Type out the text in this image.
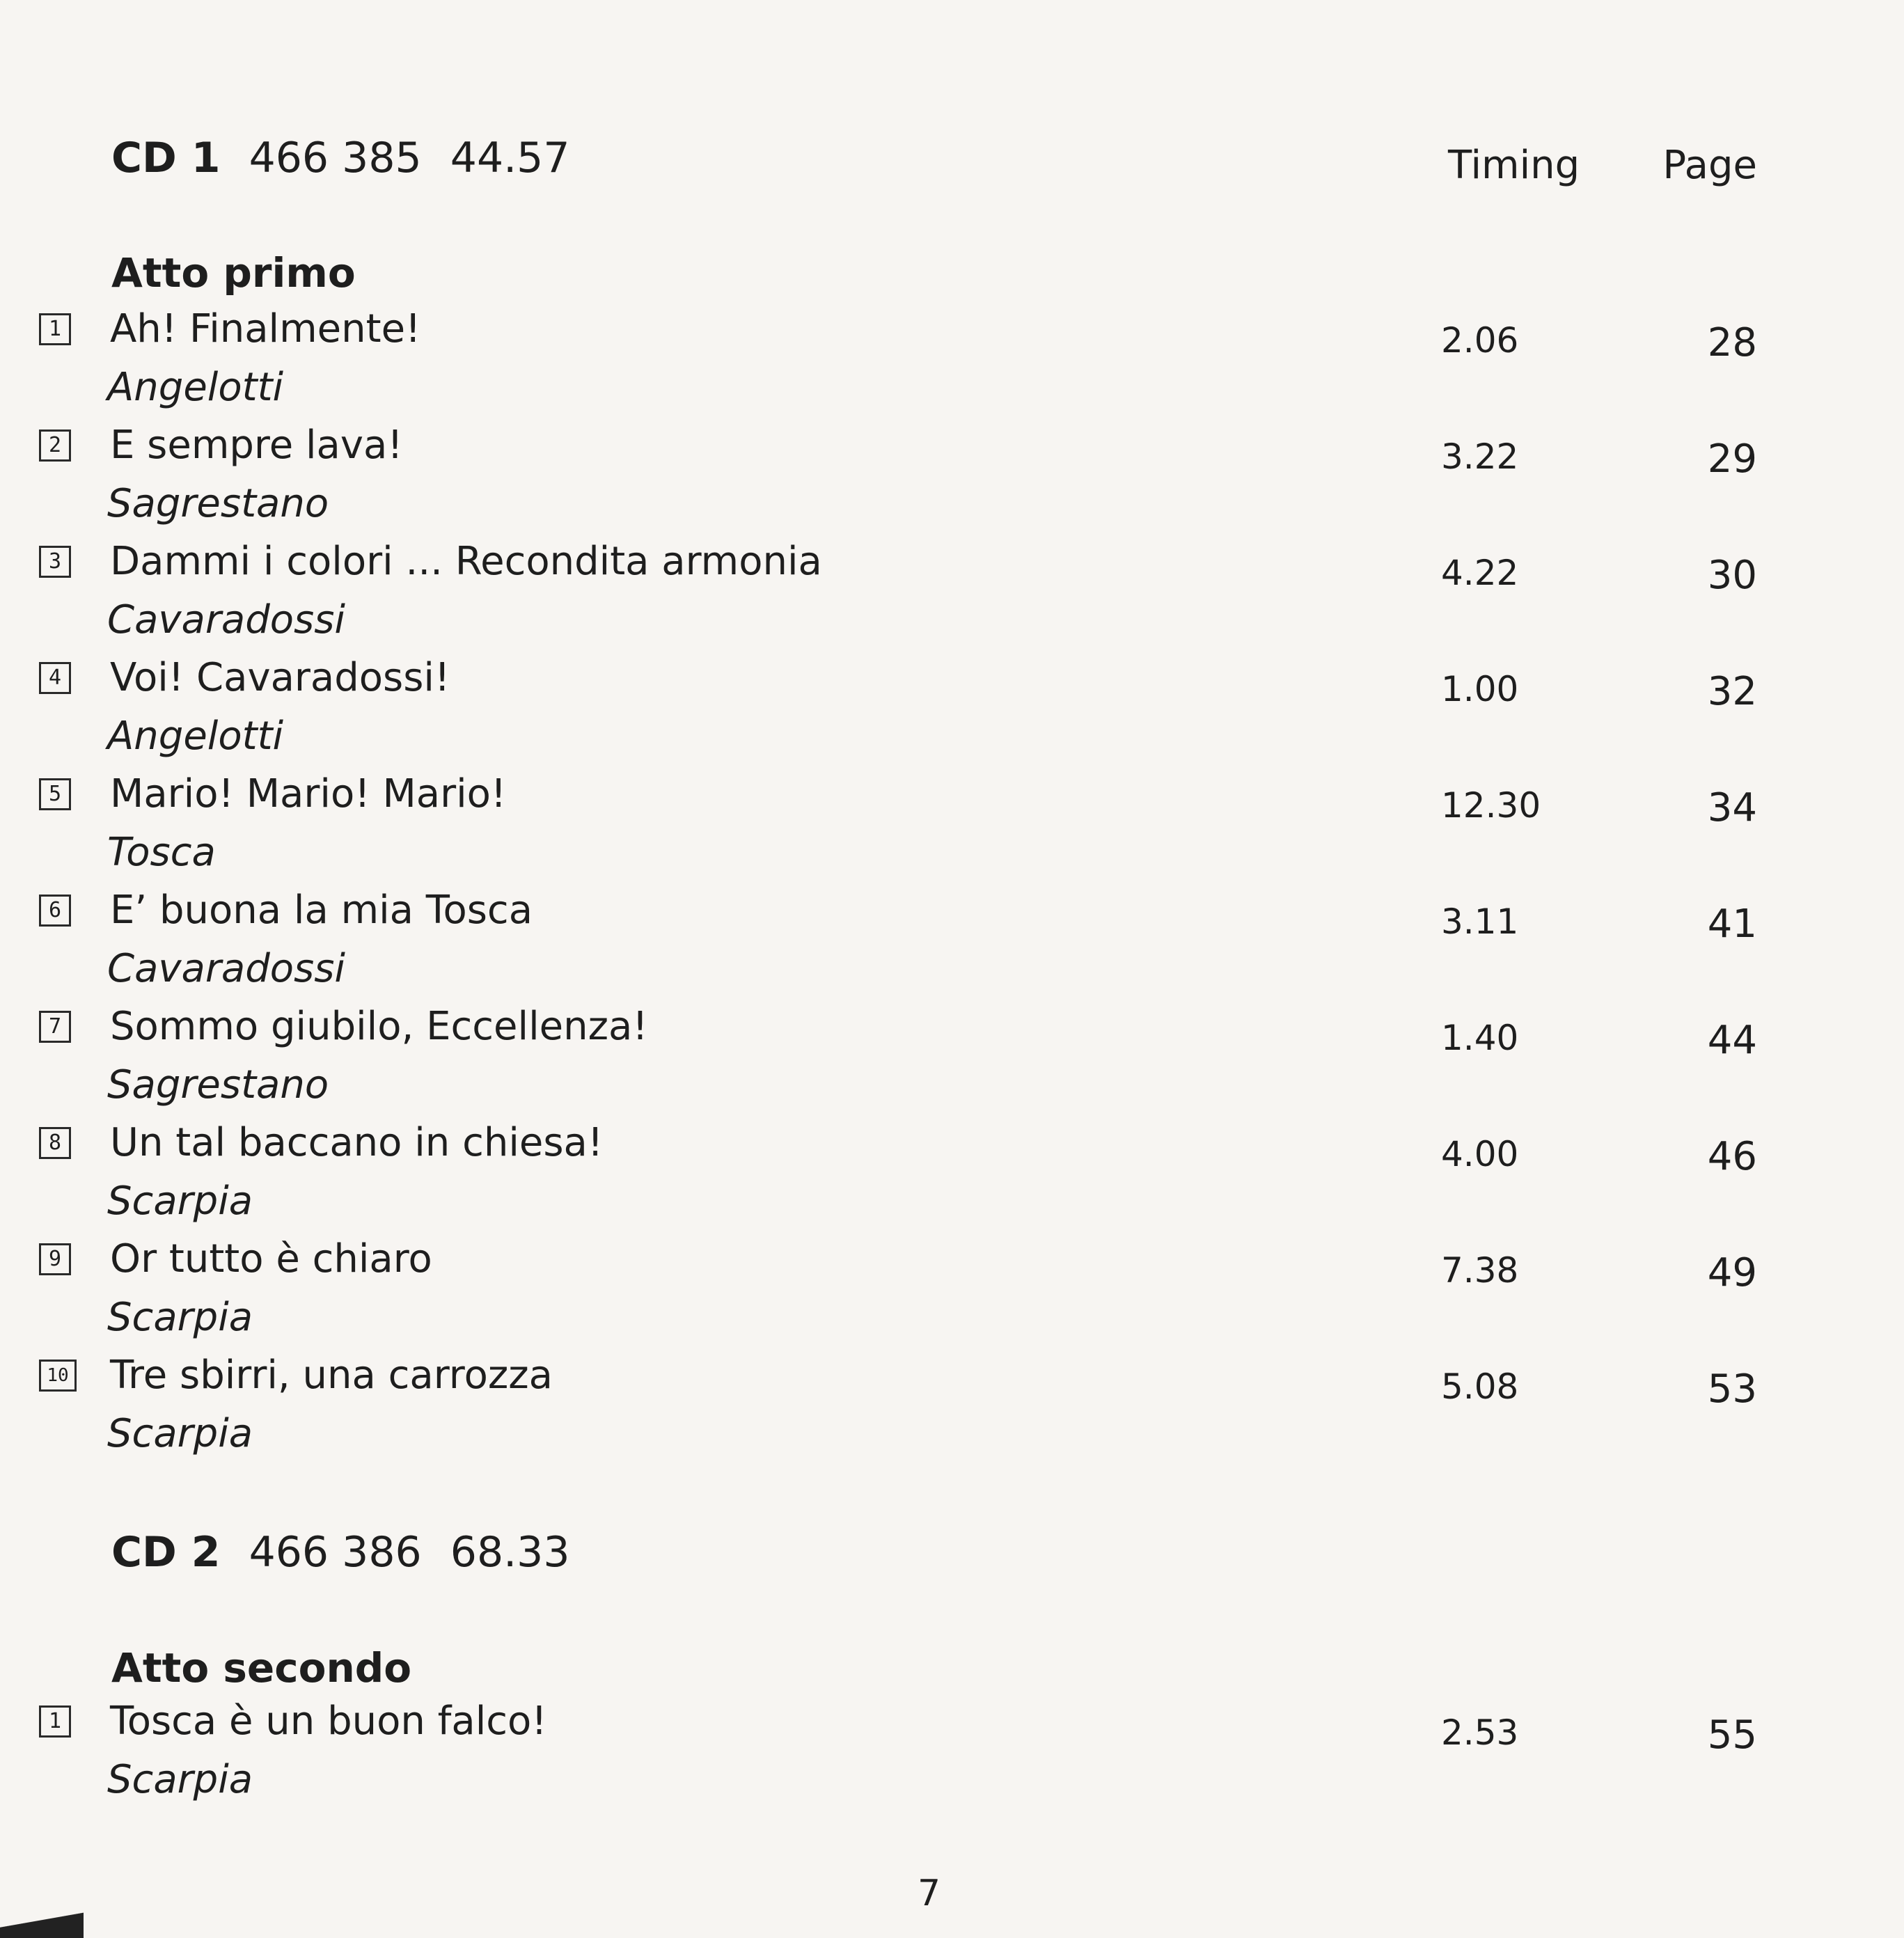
CD 1 466 385 44.57	Timing Page
Atto primo
1 Ah! Finalmente!
Angelotti
2.06	28
2 E sempre lava!
Sagrestano
3.22	29
3 Dammi i colori ... Recondita armonia
Cavaradossi
4.22	30
4 Voi! Cavaradossi!
Angelotti
1.00	32
5 Mario! Mario! Mario!
Tosca
12.30	34
6 E’ buona la mia Tosca
Cavaradossi
3.11	41
7 Sommo giubilo, Eccellenza!
Sagrestano
1.40	44
8 Un tal baccano in chiesa!
Scarpia
4.00	46
9 Or tutto è chiaro
Scarpia
7.38	49
10 Tre sbirri, una carrozza
Scarpia
5.08	53
CD 2 466 386 68.33
Atto secondo
1 Tosca è un buon falco!
Scarpia
2.53	55
7
